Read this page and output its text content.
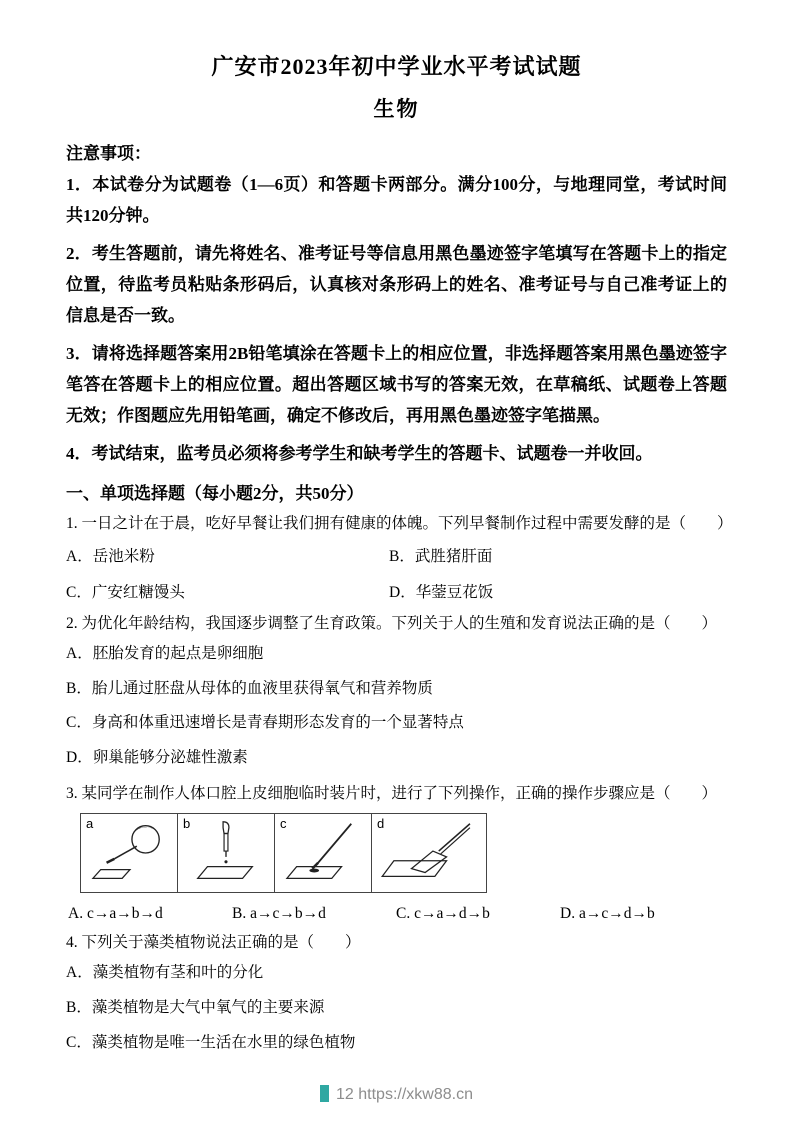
广安市2023年初中学业水平考试试题
生物
注意事项：

1．本试卷分为试题卷（1—6页）和答题卡两部分。满分100分，与地理同堂，考试时间共120分钟。

2．考生答题前，请先将姓名、准考证号等信息用黑色墨迹签字笔填写在答题卡上的指定位置，待监考员粘贴条形码后，认真核对条形码上的姓名、准考证号与自己准考证上的信息是否一致。

3．请将选择题答案用2B铅笔填涂在答题卡上的相应位置，非选择题答案用黑色墨迹签字笔答在答题卡上的相应位置。超出答题区域书写的答案无效，在草稿纸、试题卷上答题无效；作图题应先用铅笔画，确定不修改后，再用黑色墨迹签字笔描黑。

4．考试结束，监考员必须将参考学生和缺考学生的答题卡、试题卷一并收回。

一、单项选择题（每小题2分，共50分）
1. 一日之计在于晨，吃好早餐让我们拥有健康的体魄。下列早餐制作过程中需要发酵的是（　　）
A．岳池米粉	B．武胜猪肝面
C．广安红糖馒头	D．华蓥豆花饭
2. 为优化年龄结构，我国逐步调整了生育政策。下列关于人的生殖和发育说法正确的是（　　）
A．胚胎发育的起点是卵细胞
B．胎儿通过胚盘从母体的血液里获得氧气和营养物质
C．身高和体重迅速增长是青春期形态发育的一个显著特点
D．卵巢能够分泌雄性激素
3. 某同学在制作人体口腔上皮细胞临时装片时，进行了下列操作，正确的操作步骤应是（　　）
a	b	c	d
A. c→a→b→d	B. a→c→b→d	C. c→a→d→b	D. a→c→d→b
4. 下列关于藻类植物说法正确的是（　　）
A．藻类植物有茎和叶的分化
B．藻类植物是大气中氧气的主要来源
C．藻类植物是唯一生活在水里的绿色植物
12 https://xkw88.cn
